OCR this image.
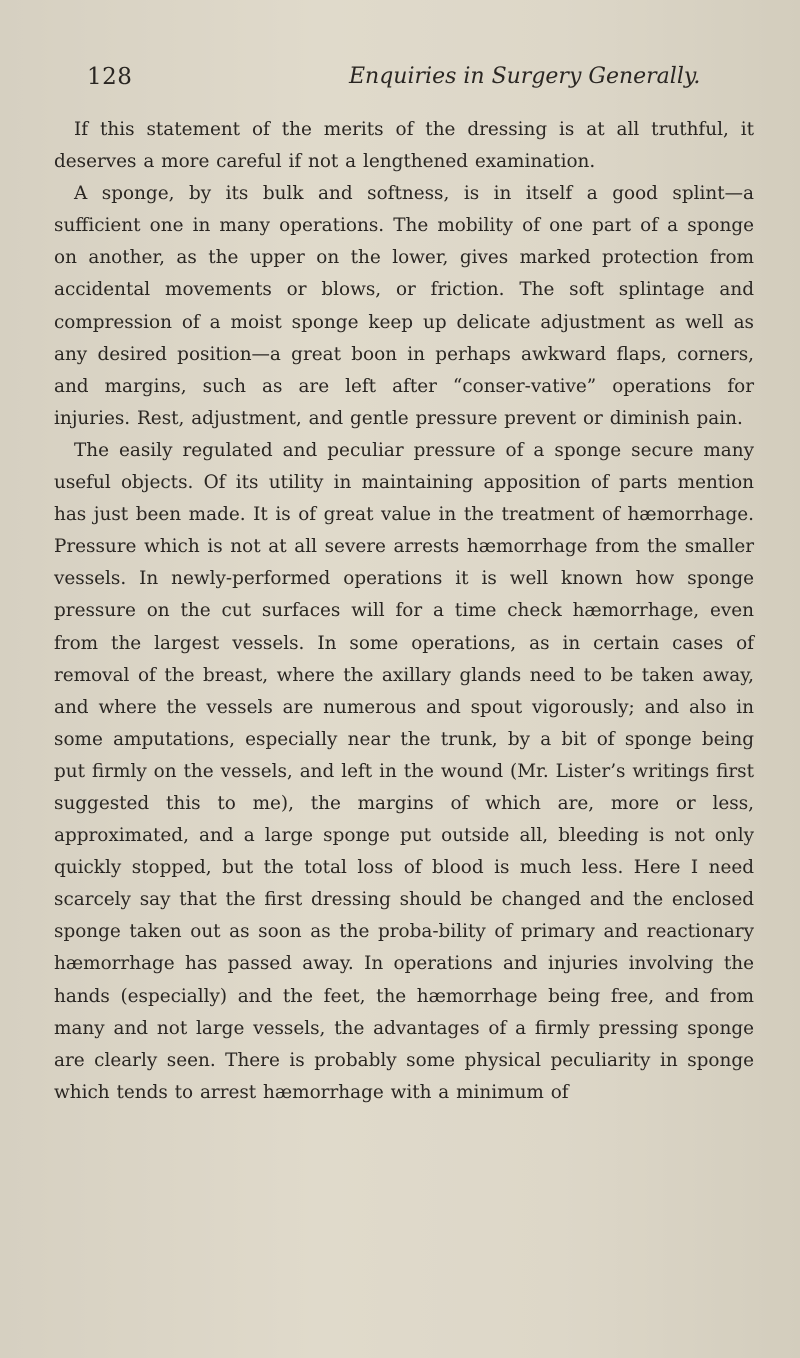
128	Enquiries in Surgery Generally.

If this statement of the merits of the dressing is at all truthful, it deserves a more careful if not a lengthened examination.

A sponge, by its bulk and softness, is in itself a good splint—a sufficient one in many operations. The mobility of one part of a sponge on another, as the upper on the lower, gives marked protection from accidental movements or blows, or friction. The soft splintage and compression of a moist sponge keep up delicate adjustment as well as any desired position—a great boon in perhaps awkward flaps, corners, and margins, such as are left after “conser-vative” operations for injuries. Rest, adjustment, and gentle pressure prevent or diminish pain.

The easily regulated and peculiar pressure of a sponge secure many useful objects. Of its utility in maintaining apposition of parts mention has just been made. It is of great value in the treatment of hæmorrhage. Pressure which is not at all severe arrests hæmorrhage from the smaller vessels. In newly-performed operations it is well known how sponge pressure on the cut surfaces will for a time check hæmorrhage, even from the largest vessels. In some operations, as in certain cases of removal of the breast, where the axillary glands need to be taken away, and where the vessels are numerous and spout vigorously; and also in some amputations, especially near the trunk, by a bit of sponge being put firmly on the vessels, and left in the wound (Mr. Lister’s writings first suggested this to me), the margins of which are, more or less, approximated, and a large sponge put outside all, bleeding is not only quickly stopped, but the total loss of blood is much less. Here I need scarcely say that the first dressing should be changed and the enclosed sponge taken out as soon as the proba-bility of primary and reactionary hæmorrhage has passed away. In operations and injuries involving the hands (especially) and the feet, the hæmorrhage being free, and from many and not large vessels, the advantages of a firmly pressing sponge are clearly seen. There is probably some physical peculiarity in sponge which tends to arrest hæmorrhage with a minimum of
